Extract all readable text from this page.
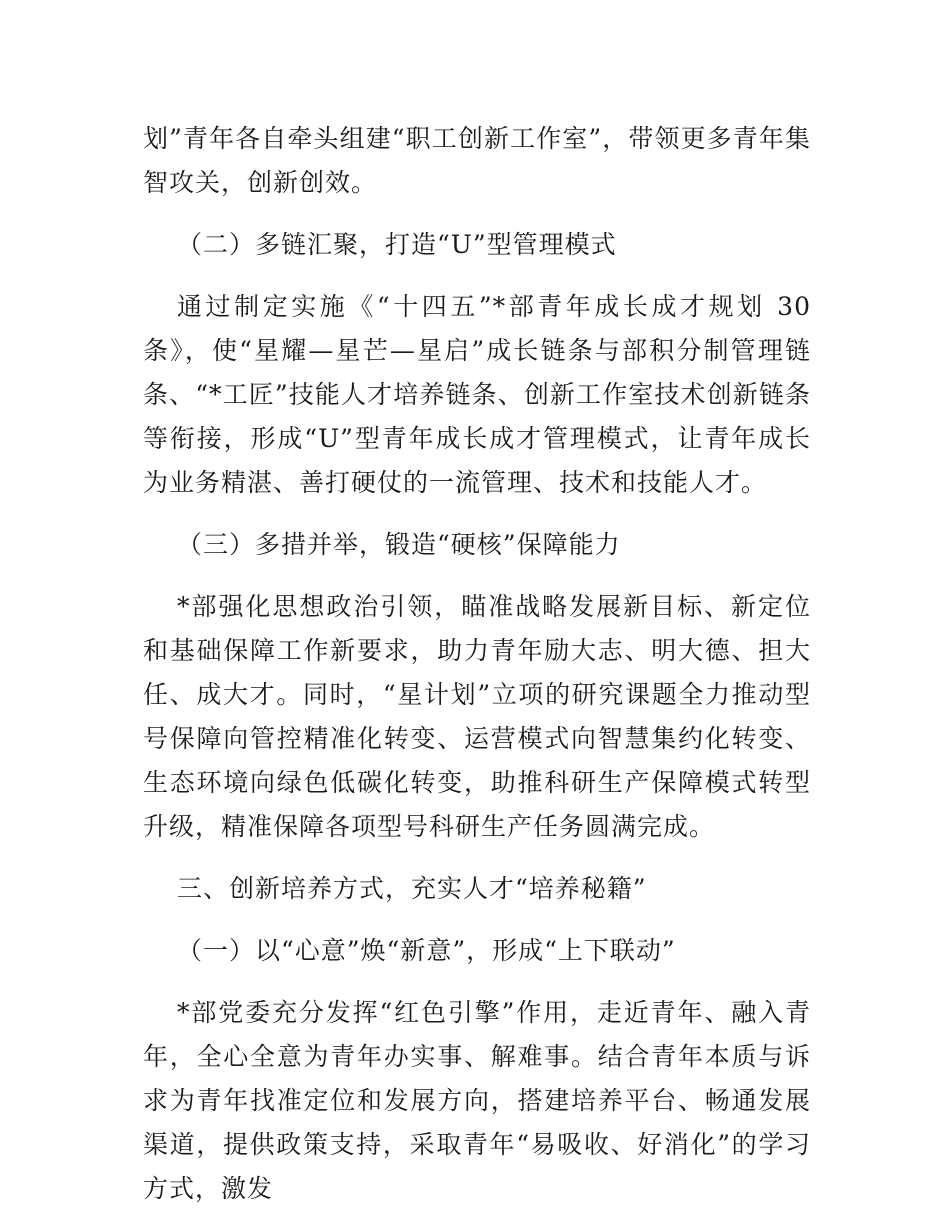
划”青年各自牵头组建“职工创新工作室”，带领更多青年集智攻关，创新创效。

（二）多链汇聚，打造“U”型管理模式

通过制定实施《“十四五”*部青年成长成才规划 30 条》，使“星耀—星芒—星启”成长链条与部积分制管理链条、“*工匠”技能人才培养链条、创新工作室技术创新链条等衔接，形成“U”型青年成长成才管理模式，让青年成长为业务精湛、善打硬仗的一流管理、技术和技能人才。

（三）多措并举，锻造“硬核”保障能力

*部强化思想政治引领，瞄准战略发展新目标、新定位和基础保障工作新要求，助力青年励大志、明大德、担大任、成大才。同时，“星计划”立项的研究课题全力推动型号保障向管控精准化转变、运营模式向智慧集约化转变、生态环境向绿色低碳化转变，助推科研生产保障模式转型升级，精准保障各项型号科研生产任务圆满完成。

三、创新培养方式，充实人才“培养秘籍”

（一）以“心意”焕“新意”，形成“上下联动”

*部党委充分发挥“红色引擎”作用，走近青年、融入青年，全心全意为青年办实事、解难事。结合青年本质与诉求为青年找准定位和发展方向，搭建培养平台、畅通发展渠道，提供政策支持，采取青年“易吸收、好消化”的学习方式，激发
